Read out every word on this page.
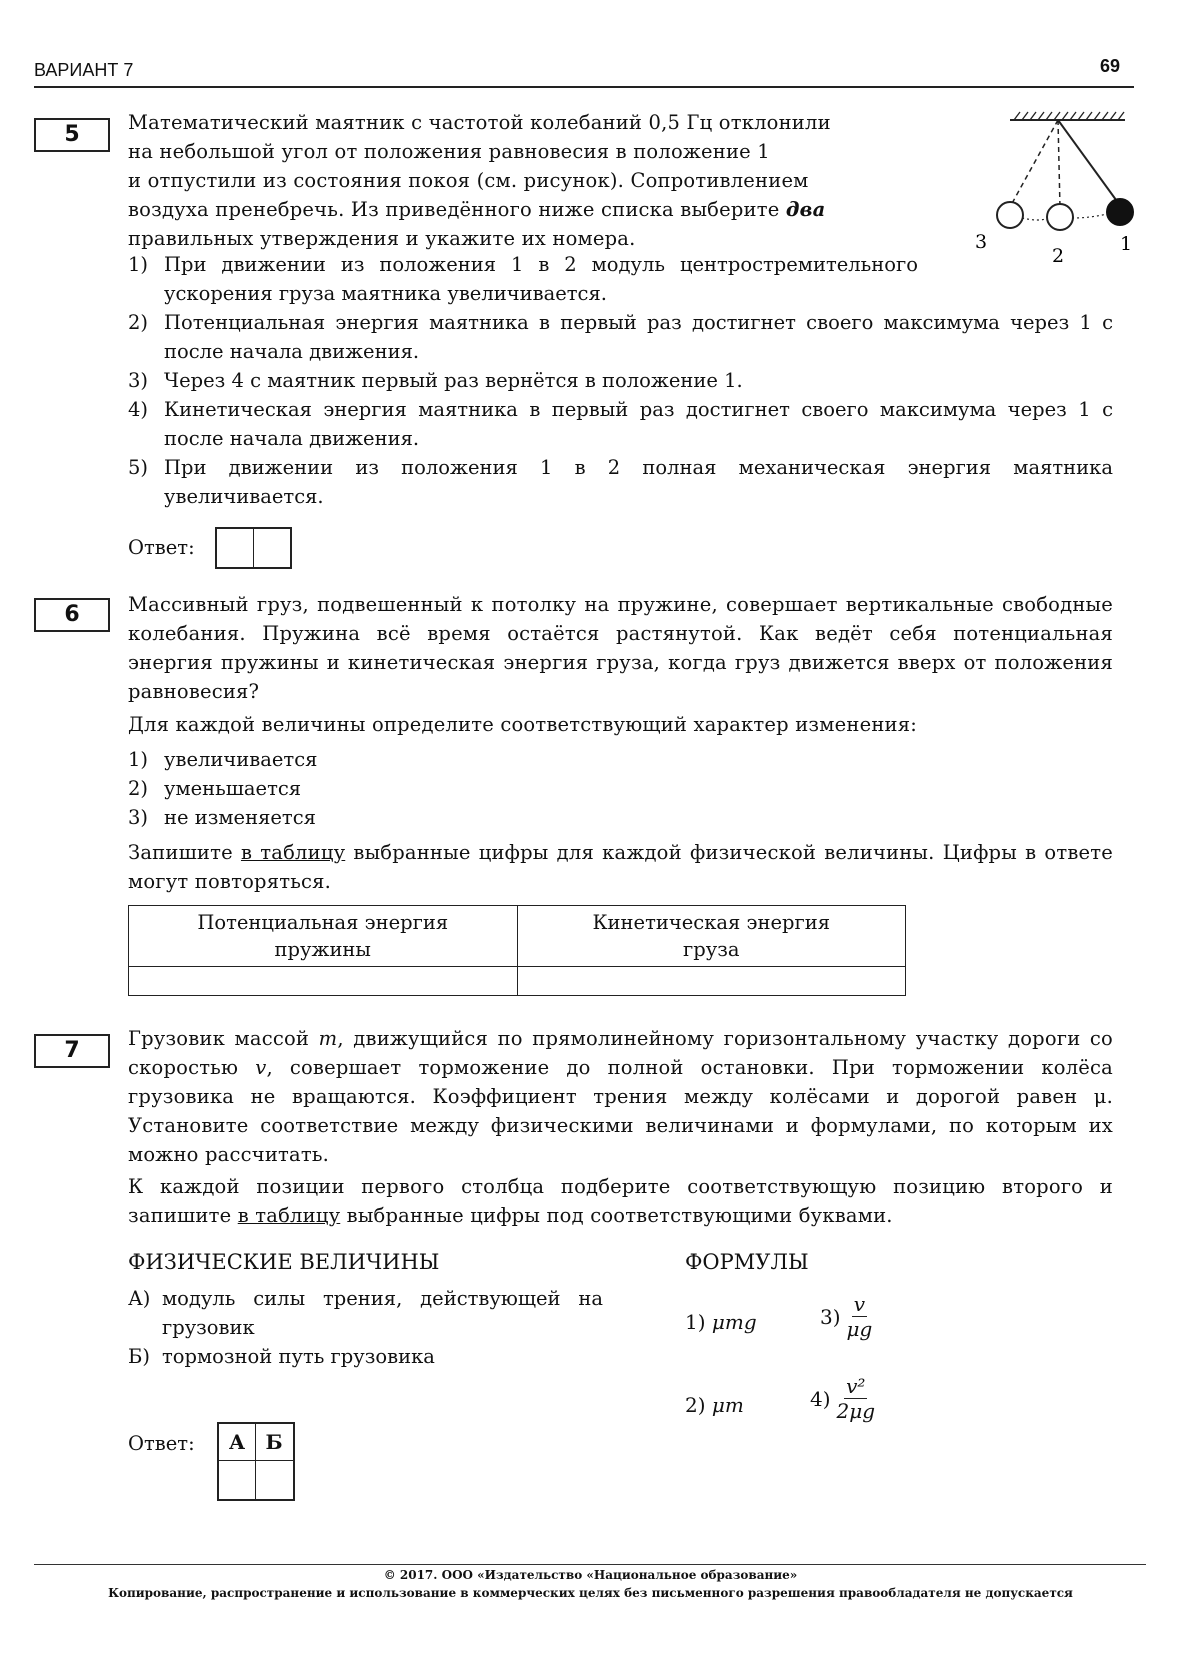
ВАРИАНТ 7	69
5	Математический маятник с частотой колебаний 0,5 Гц отклонили
на небольшой угол от положения равновесия в положение 1
и отпустили из состояния покоя (см. рисунок). Сопротивлением
воздуха пренебречь. Из приведённого ниже списка выберите два
правильных утверждения и укажите их номера.	3
2
1
1) При движении из положения 1 в 2 модуль центростремительного ускорения груза маятника увеличивается.
2) Потенциальная энергия маятника в первый раз достигнет своего максимума через 1 с после начала движения.
3) Через 4 с маятник первый раз вернётся в положение 1.
4) Кинетическая энергия маятника в первый раз достигнет своего максимума через 1 с после начала движения.
5) При движении из положения 1 в 2 полная механическая энергия маятника увеличивается.
Ответ:
6	Массивный груз, подвешенный к потолку на пружине, совершает вертикальные свободные колебания. Пружина всё время остаётся растянутой. Как ведёт себя потенциальная энергия пружины и кинетическая энергия груза, когда груз движется вверх от положения равновесия?
Для каждой величины определите соответствующий характер изменения:
1) увеличивается
2) уменьшается
3) не изменяется
Запишите в таблицу выбранные цифры для каждой физической величины. Цифры в ответе могут повторяться.
Потенциальная энергия пружины	Кинетическая энергия груза

7	Грузовик массой m, движущийся по прямолинейному горизонтальному участку дороги со скоростью v, совершает торможение до полной остановки. При торможении колёса грузовика не вращаются. Коэффициент трения между колёсами и дорогой равен μ. Установите соответствие между физическими величинами и формулами, по которым их можно рассчитать.
К каждой позиции первого столбца подберите соответствующую позицию второго и запишите в таблицу выбранные цифры под соответствующими буквами.
ФИЗИЧЕСКИЕ ВЕЛИЧИНЫ	ФОРМУЛЫ
А) модуль силы трения, действующей на грузовик
Б) тормозной путь грузовика
1) μmg	$3) \frac{v}{\mu g}$
2) μm	$4) \frac{\text{v²}}{2\mu g}$
Ответ:	А	Б
© 2017. ООО «Издательство «Национальное образование»
Копирование, распространение и использование в коммерческих целях без письменного разрешения правообладателя не допускается
